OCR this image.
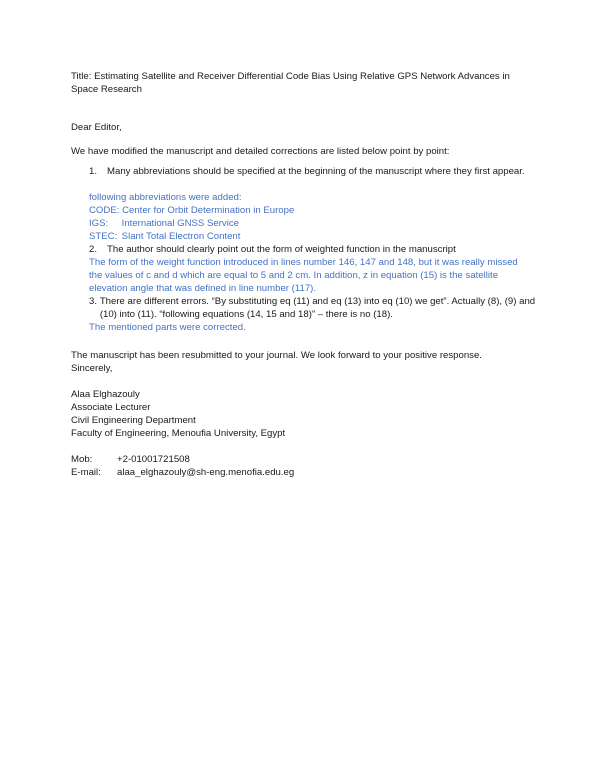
Title: Estimating Satellite and Receiver Differential Code Bias Using Relative GPS Network Advances in Space Research
Dear Editor,
We have modified the manuscript and detailed corrections are listed below point by point:
1.	Many abbreviations should be specified at the beginning of the manuscript where they first appear.
following abbreviations were added:
CODE: Center for Orbit Determination in Europe
IGS: International GNSS Service
STEC: Slant Total Electron Content
2.	The author should clearly point out the form of weighted function in the manuscript
The form of the weight function introduced in lines number 146, 147 and 148, but it was really missed the values of c and d which are equal to 5 and 2 cm. In addition, z in equation (15) is the satellite elevation angle that was defined in line number (117).
3. There are different errors. “By substituting eq (11) and eq (13) into eq (10) we get”. Actually (8), (9) and (10) into (11). “following equations (14, 15 and 18)” – there is no (18).
The mentioned parts were corrected.
The manuscript has been resubmitted to your journal. We look forward to your positive response.
Sincerely,
Alaa Elghazouly
Associate Lecturer
Civil Engineering Department
Faculty of Engineering, Menoufia University, Egypt
Mob:	+2-01001721508
E-mail: alaa_elghazouly@sh-eng.menofia.edu.eg
